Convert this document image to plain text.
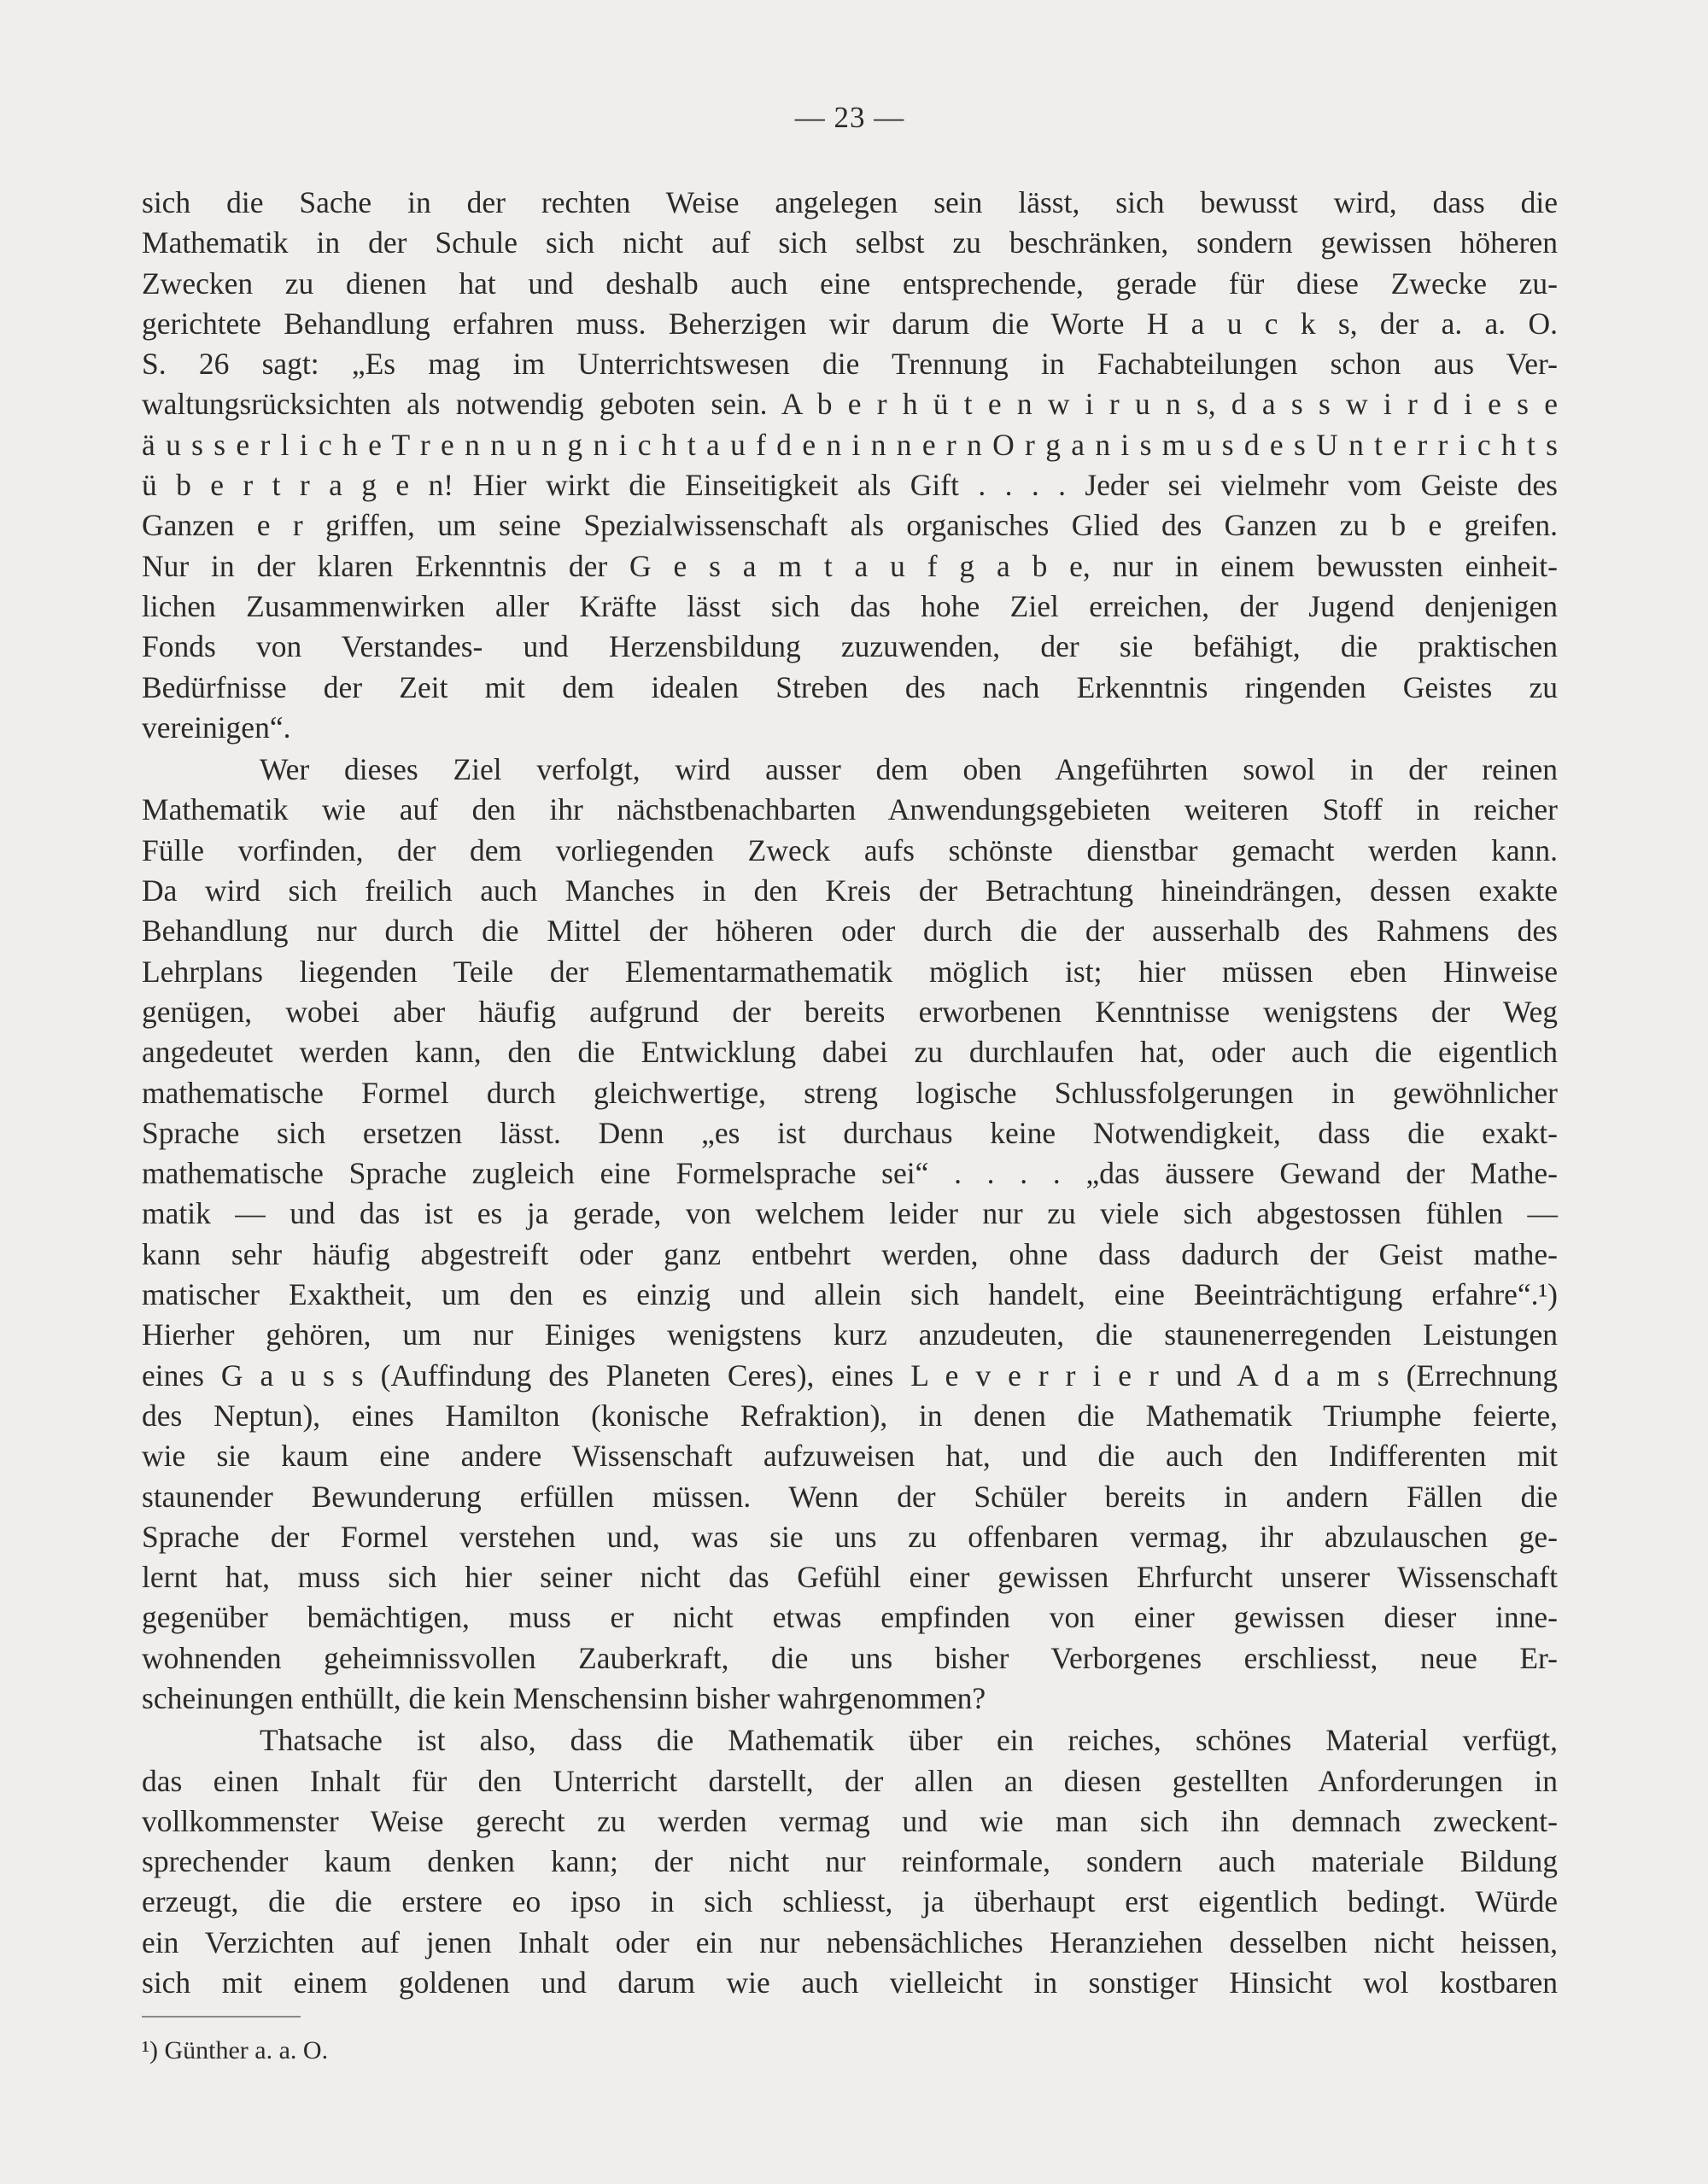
— 23 —

sich die Sache in der rechten Weise angelegen sein lässt, sich bewusst wird, dass die
Mathematik in der Schule sich nicht auf sich selbst zu beschränken, sondern gewissen höheren
Zwecken zu dienen hat und deshalb auch eine entsprechende, gerade für diese Zwecke zu-
gerichtete Behandlung erfahren muss. Beherzigen wir darum die Worte H a u c k s, der a. a. O.
S. 26 sagt: „Es mag im Unterrichtswesen die Trennung in Fachabteilungen schon aus Ver-
waltungsrücksichten als notwendig geboten sein. A b e r h ü t e n w i r u n s, d a s s w i r d i e s e
ä u s s e r l i c h e T r e n n u n g n i c h t a u f d e n i n n e r n O r g a n i s m u s d e s U n t e r r i c h t s
ü b e r t r a g e n! Hier wirkt die Einseitigkeit als Gift . . . . Jeder sei vielmehr vom Geiste des
Ganzen e r griffen, um seine Spezialwissenschaft als organisches Glied des Ganzen zu b e greifen.
Nur in der klaren Erkenntnis der G e s a m t a u f g a b e, nur in einem bewussten einheit-
lichen Zusammenwirken aller Kräfte lässt sich das hohe Ziel erreichen, der Jugend denjenigen
Fonds von Verstandes- und Herzensbildung zuzuwenden, der sie befähigt, die praktischen
Bedürfnisse der Zeit mit dem idealen Streben des nach Erkenntnis ringenden Geistes zu
vereinigen“.

Wer dieses Ziel verfolgt, wird ausser dem oben Angeführten sowol in der reinen
Mathematik wie auf den ihr nächstbenachbarten Anwendungsgebieten weiteren Stoff in reicher
Fülle vorfinden, der dem vorliegenden Zweck aufs schönste dienstbar gemacht werden kann.
Da wird sich freilich auch Manches in den Kreis der Betrachtung hineindrängen, dessen exakte
Behandlung nur durch die Mittel der höheren oder durch die der ausserhalb des Rahmens des
Lehrplans liegenden Teile der Elementarmathematik möglich ist; hier müssen eben Hinweise
genügen, wobei aber häufig aufgrund der bereits erworbenen Kenntnisse wenigstens der Weg
angedeutet werden kann, den die Entwicklung dabei zu durchlaufen hat, oder auch die eigentlich
mathematische Formel durch gleichwertige, streng logische Schlussfolgerungen in gewöhnlicher
Sprache sich ersetzen lässt. Denn „es ist durchaus keine Notwendigkeit, dass die exakt-
mathematische Sprache zugleich eine Formelsprache sei“ . . . . „das äussere Gewand der Mathe-
matik — und das ist es ja gerade, von welchem leider nur zu viele sich abgestossen fühlen —
kann sehr häufig abgestreift oder ganz entbehrt werden, ohne dass dadurch der Geist mathe-
matischer Exaktheit, um den es einzig und allein sich handelt, eine Beeinträchtigung erfahre“.¹)
Hierher gehören, um nur Einiges wenigstens kurz anzudeuten, die staunenerregenden Leistungen
eines G a u s s (Auffindung des Planeten Ceres), eines L e v e r r i e r und A d a m s (Errechnung
des Neptun), eines Hamilton (konische Refraktion), in denen die Mathematik Triumphe feierte,
wie sie kaum eine andere Wissenschaft aufzuweisen hat, und die auch den Indifferenten mit
staunender Bewunderung erfüllen müssen. Wenn der Schüler bereits in andern Fällen die
Sprache der Formel verstehen und, was sie uns zu offenbaren vermag, ihr abzulauschen ge-
lernt hat, muss sich hier seiner nicht das Gefühl einer gewissen Ehrfurcht unserer Wissenschaft
gegenüber bemächtigen, muss er nicht etwas empfinden von einer gewissen dieser inne-
wohnenden geheimnissvollen Zauberkraft, die uns bisher Verborgenes erschliesst, neue Er-
scheinungen enthüllt, die kein Menschensinn bisher wahrgenommen?

Thatsache ist also, dass die Mathematik über ein reiches, schönes Material verfügt,
das einen Inhalt für den Unterricht darstellt, der allen an diesen gestellten Anforderungen in
vollkommenster Weise gerecht zu werden vermag und wie man sich ihn demnach zweckent-
sprechender kaum denken kann; der nicht nur reinformale, sondern auch materiale Bildung
erzeugt, die die erstere eo ipso in sich schliesst, ja überhaupt erst eigentlich bedingt. Würde
ein Verzichten auf jenen Inhalt oder ein nur nebensächliches Heranziehen desselben nicht heissen,
sich mit einem goldenen und darum wie auch vielleicht in sonstiger Hinsicht wol kostbaren

¹) Günther a. a. O.
